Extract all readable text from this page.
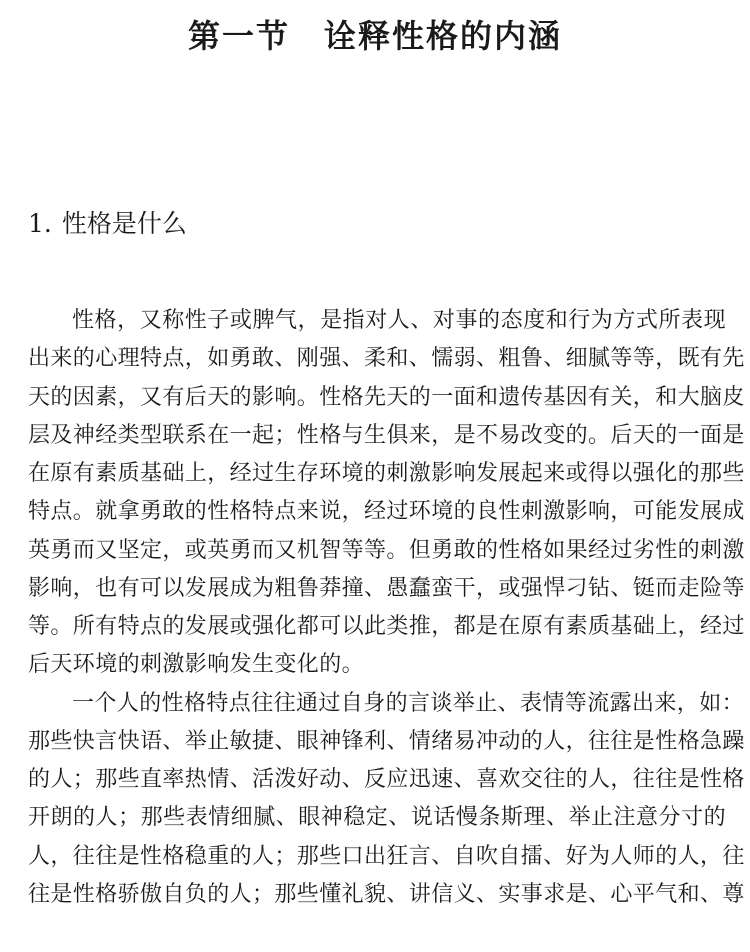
第一节 诠释性格的内涵
1. 性格是什么
性格，又称性子或脾气，是指对人、对事的态度和行为方式所表现
出来的心理特点，如勇敢、刚强、柔和、懦弱、粗鲁、细腻等等，既有先
天的因素，又有后天的影响。性格先天的一面和遗传基因有关，和大脑皮
层及神经类型联系在一起；性格与生俱来，是不易改变的。后天的一面是
在原有素质基础上，经过生存环境的刺激影响发展起来或得以强化的那些
特点。就拿勇敢的性格特点来说，经过环境的良性刺激影响，可能发展成
英勇而又坚定，或英勇而又机智等等。但勇敢的性格如果经过劣性的刺激
影响，也有可以发展成为粗鲁莽撞、愚蠢蛮干，或强悍刁钻、铤而走险等
等。所有特点的发展或强化都可以此类推，都是在原有素质基础上，经过
后天环境的刺激影响发生变化的。
一个人的性格特点往往通过自身的言谈举止、表情等流露出来，如：
那些快言快语、举止敏捷、眼神锋利、情绪易冲动的人，往往是性格急躁
的人；那些直率热情、活泼好动、反应迅速、喜欢交往的人，往往是性格
开朗的人；那些表情细腻、眼神稳定、说话慢条斯理、举止注意分寸的
人，往往是性格稳重的人；那些口出狂言、自吹自擂、好为人师的人，往
往是性格骄傲自负的人；那些懂礼貌、讲信义、实事求是、心平气和、尊
